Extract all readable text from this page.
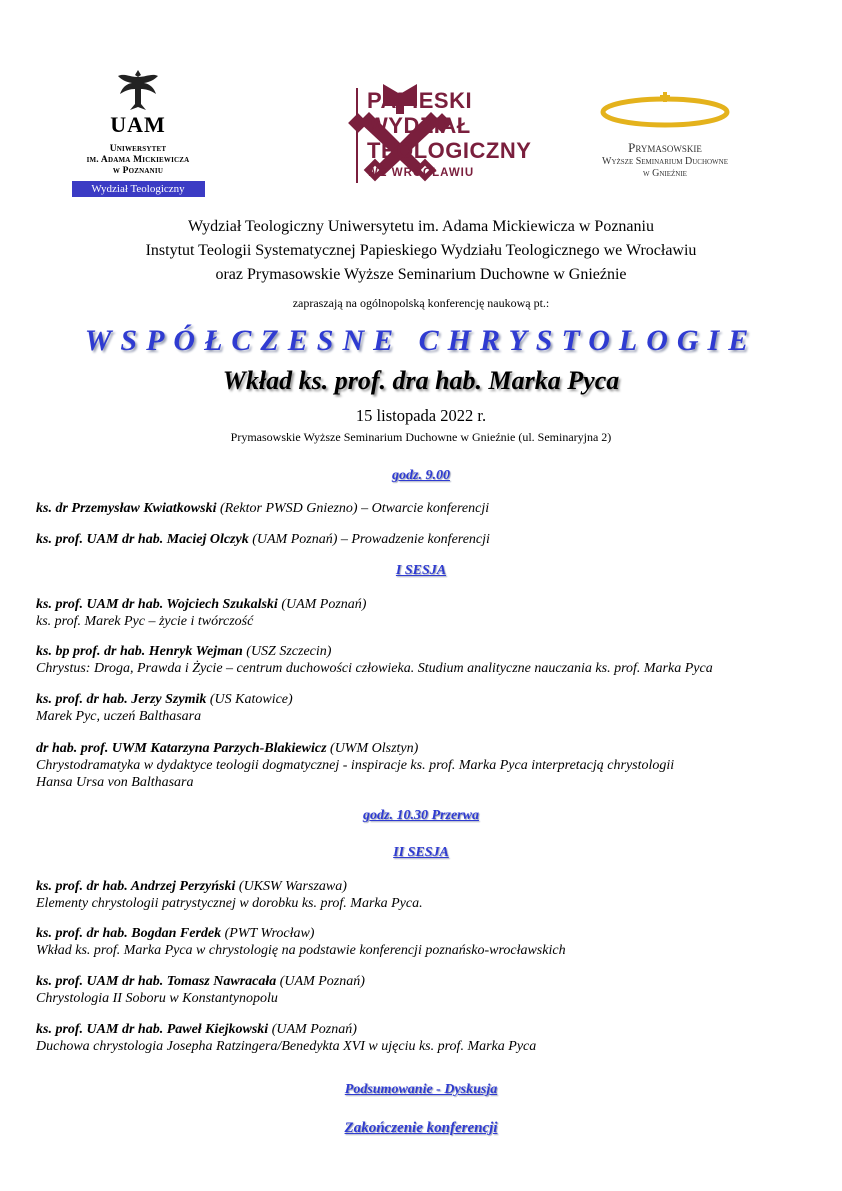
UAM
Uniwersytet
im. Adama Mickiewicza
w Poznaniu
Wydział Teologiczny
PAPIESKI
WYDZIAŁ
TEOLOGICZNY
WE WROCŁAWIU
Prymasowskie
Wyższe Seminarium Duchowne
w Gnieźnie
Wydział Teologiczny Uniwersytetu im. Adama Mickiewicza w Poznaniu
Instytut Teologii Systematycznej Papieskiego Wydziału Teologicznego we Wrocławiu
oraz Prymasowskie Wyższe Seminarium Duchowne w Gnieźnie
zapraszają na ogólnopolską konferencję naukową pt.:
WSPÓŁCZESNE CHRYSTOLOGIE
Wkład ks. prof. dra hab. Marka Pyca
15 listopada 2022 r.
Prymasowskie Wyższe Seminarium Duchowne w Gnieźnie (ul. Seminaryjna 2)
godz. 9.00
ks. dr Przemysław Kwiatkowski (Rektor PWSD Gniezno) – Otwarcie konferencji
ks. prof. UAM dr hab. Maciej Olczyk (UAM Poznań) – Prowadzenie konferencji
I SESJA
ks. prof. UAM dr hab. Wojciech Szukalski (UAM Poznań)
ks. prof. Marek Pyc – życie i twórczość
ks. bp prof. dr hab. Henryk Wejman (USZ Szczecin)
Chrystus: Droga, Prawda i Życie – centrum duchowości człowieka. Studium analityczne nauczania ks. prof. Marka Pyca
ks. prof. dr hab. Jerzy Szymik (US Katowice)
Marek Pyc, uczeń Balthasara
dr hab. prof. UWM Katarzyna Parzych-Blakiewicz (UWM Olsztyn)
Chrystodramatyka w dydaktyce teologii dogmatycznej - inspiracje ks. prof. Marka Pyca interpretacją chrystologii
Hansa Ursa von Balthasara
godz. 10.30 Przerwa
II SESJA
ks. prof. dr hab. Andrzej Perzyński (UKSW Warszawa)
Elementy chrystologii patrystycznej w dorobku ks. prof. Marka Pyca.
ks. prof. dr hab. Bogdan Ferdek (PWT Wrocław)
Wkład ks. prof. Marka Pyca w chrystologię na podstawie konferencji poznańsko-wrocławskich
ks. prof. UAM dr hab. Tomasz Nawracała (UAM Poznań)
Chrystologia II Soboru w Konstantynopolu
ks. prof. UAM dr hab. Paweł Kiejkowski (UAM Poznań)
Duchowa chrystologia Josepha Ratzingera/Benedykta XVI w ujęciu ks. prof. Marka Pyca
Podsumowanie - Dyskusja
Zakończenie konferencji
